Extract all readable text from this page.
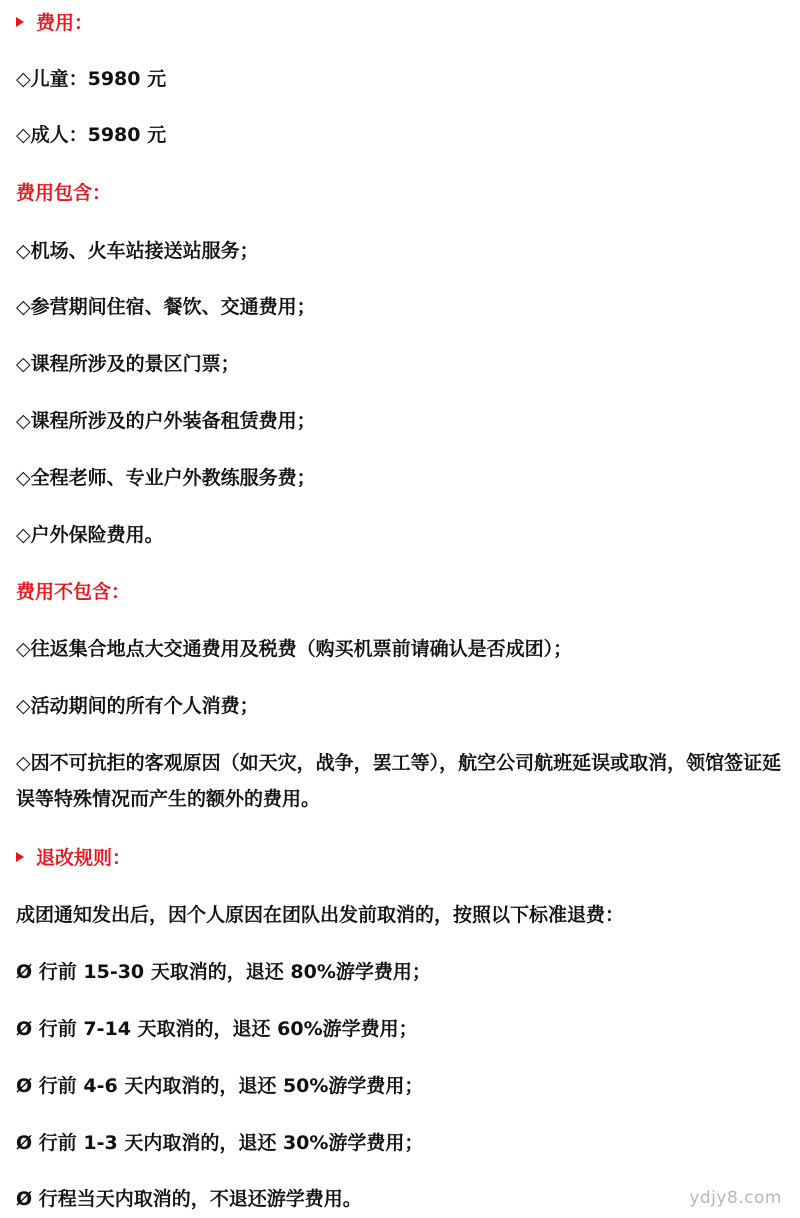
费用：
◇儿童：5980 元
◇成人：5980 元
费用包含：
◇机场、火车站接送站服务；
◇参营期间住宿、餐饮、交通费用；
◇课程所涉及的景区门票；
◇课程所涉及的户外装备租赁费用；
◇全程老师、专业户外教练服务费；
◇户外保险费用。
费用不包含：
◇往返集合地点大交通费用及税费（购买机票前请确认是否成团）；
◇活动期间的所有个人消费；
◇因不可抗拒的客观原因（如天灾，战争，罢工等），航空公司航班延误或取消，领馆签证延误等特殊情况而产生的额外的费用。
退改规则：
成团通知发出后，因个人原因在团队出发前取消的，按照以下标准退费：
Ø 行前 15-30 天取消的，退还 80%游学费用；
Ø 行前 7-14 天取消的，退还 60%游学费用；
Ø 行前 4-6 天内取消的，退还 50%游学费用；
Ø 行前 1-3 天内取消的，退还 30%游学费用；
Ø 行程当天内取消的，不退还游学费用。	ydjy8.com
